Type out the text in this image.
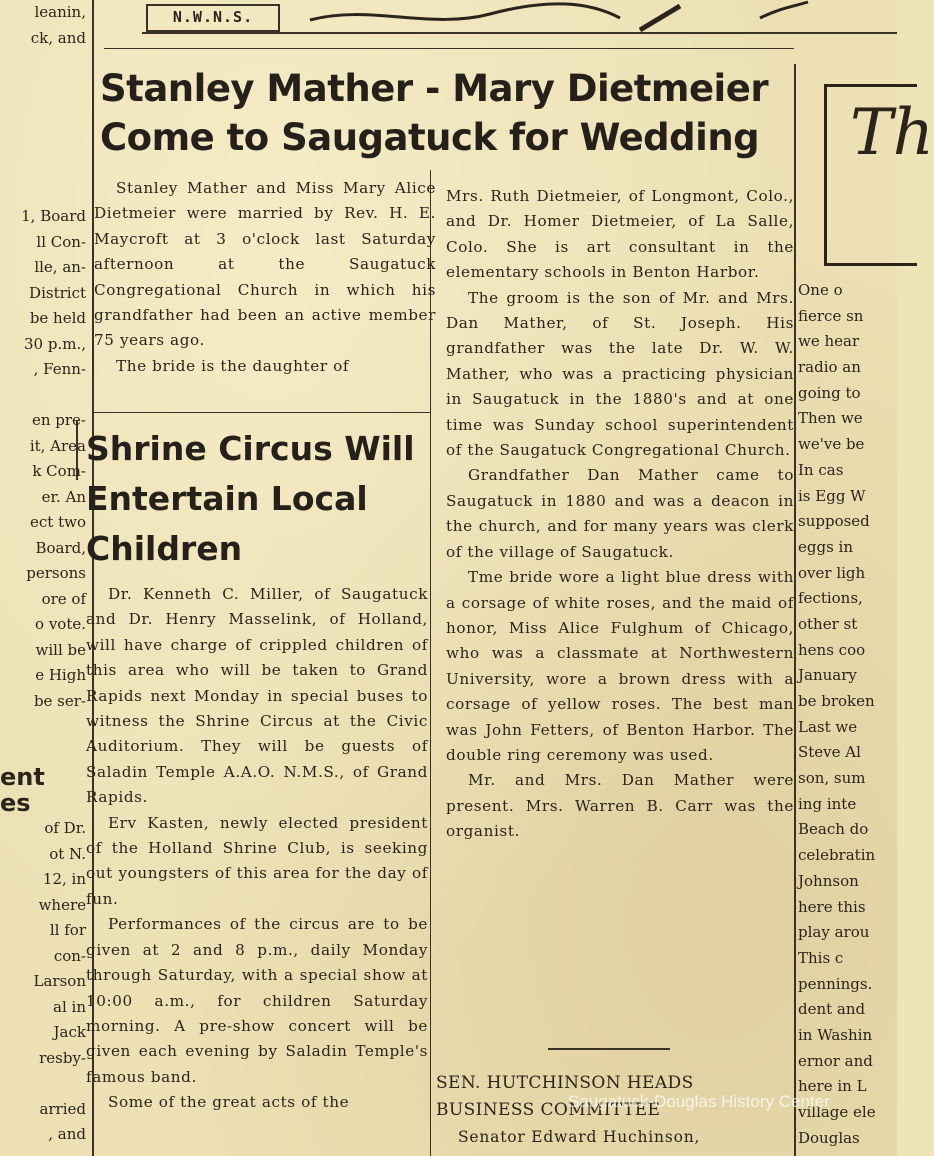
N.W.N.S.
leanin,
ck, and
1, Board
ll Con-
lle, an-
District
be held
30 p.m.,
, Fenn-
en pre-
it, Area
k Com-
er. An
ect two
Board,
persons
ore of
o vote.
will be
e High
be ser-
ent
es
of Dr.
ot N.
12, in
where
ll for
con-
Larson
al in
Jack
resby-
arried
, and
Stanley Mather - Mary Dietmeier Come to Saugatuck for Wedding

Stanley Mather and Miss Mary Alice Dietmeier were married by Rev. H. E. Maycroft at 3 o'clock last Saturday afternoon at the Saugatuck Congregational Church in which his grandfather had been an active member 75 years ago.

The bride is the daughter of

Shrine Circus Will Entertain Local Children

Dr. Kenneth C. Miller, of Saugatuck and Dr. Henry Masselink, of Holland, will have charge of crippled children of this area who will be taken to Grand Rapids next Monday in special buses to witness the Shrine Circus at the Civic Auditorium. They will be guests of Saladin Temple A.A.O. N.M.S., of Grand Rapids.

Erv Kasten, newly elected president of the Holland Shrine Club, is seeking out youngsters of this area for the day of fun.

Performances of the circus are to be given at 2 and 8 p.m., daily Monday through Saturday, with a special show at 10:00 a.m., for children Saturday morning. A pre-show concert will be given each evening by Saladin Temple's famous band.

Some of the great acts of the

Mrs. Ruth Dietmeier, of Longmont, Colo., and Dr. Homer Dietmeier, of La Salle, Colo. She is art consultant in the elementary schools in Benton Harbor.

The groom is the son of Mr. and Mrs. Dan Mather, of St. Joseph. His grandfather was the late Dr. W. W. Mather, who was a practicing physician in Saugatuck in the 1880's and at one time was Sunday school superintendent of the Saugatuck Congregational Church.

Grandfather Dan Mather came to Saugatuck in 1880 and was a deacon in the church, and for many years was clerk of the village of Saugatuck.

Tme bride wore a light blue dress with a corsage of white roses, and the maid of honor, Miss Alice Fulghum of Chicago, who was a classmate at Northwestern University, wore a brown dress with a corsage of yellow roses. The best man was John Fetters, of Benton Harbor. The double ring ceremony was used.

Mr. and Mrs. Dan Mather were present. Mrs. Warren B. Carr was the organist.

SEN. HUTCHINSON HEADS BUSINESS COMMITTEE
Senator Edward Huchinson,
Th
One o
fierce sn
we hear
radio an
going to
Then we
we've be
In cas
is Egg W
supposed
eggs in
over ligh
fections,
other st
hens coo
January
be broken
Last we
Steve Al
son, sum
ing inte
Beach do
celebratin
Johnson
here this
play arou
This c
pennings.
dent and
in Washin
ernor and
here in L
village ele
Douglas
Saugatuck-Douglas History Center
